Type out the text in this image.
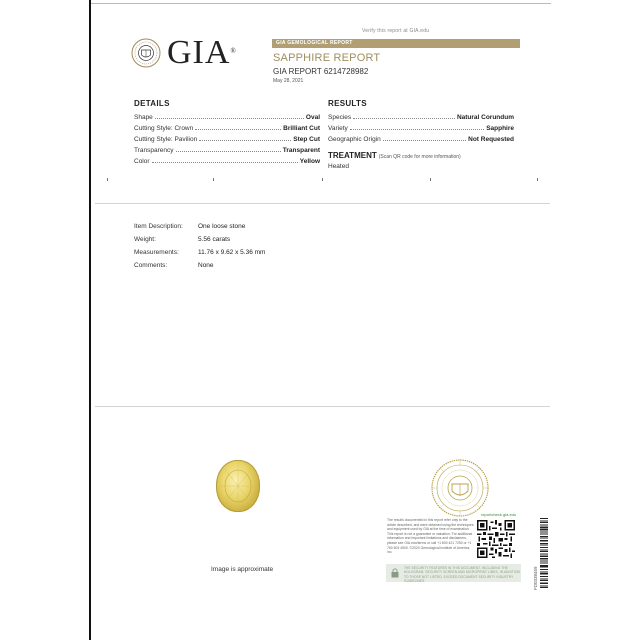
Verify this report at GIA.edu
GIA®
GIA GEMOLOGICAL REPORT
SAPPHIRE REPORT
GIA REPORT 6214728982
May 28, 2021
DETAILS
Shape	Oval
Cutting Style: Crown	Brilliant Cut
Cutting Style: Pavilion	Step Cut
Transparency	Transparent
Color	Yellow
RESULTS
Species	Natural Corundum
Variety	Sapphire
Geographic Origin	Not Requested
TREATMENT (Scan QR code for more information)
Heated
Item Description:	One loose stone
Weight:	5.56 carats
Measurements:	11.76 x 9.62 x 5.36 mm
Comments:	None
Image is approximate
reportcheck.gia.edu
The results documented in this report refer only to the article described, and were obtained using the techniques and equipment used by GIA at the time of examination. This report is not a guarantee or valuation. For additional information and important limitations and disclaimers, please see GIA.edu/terms or call +1 800 421 7250 or +1 760 603 4500. ©2020 Gemological Institute of America, Inc.
THE SECURITY FEATURES IN THIS DOCUMENT, INCLUDING THE HOLOGRAM, SECURITY SCREEN AND MICROPRINT LINES, IN ADDITION TO THOSE NOT LISTED, EXCEED DOCUMENT SECURITY INDUSTRY GUIDELINES.	FD0338459
